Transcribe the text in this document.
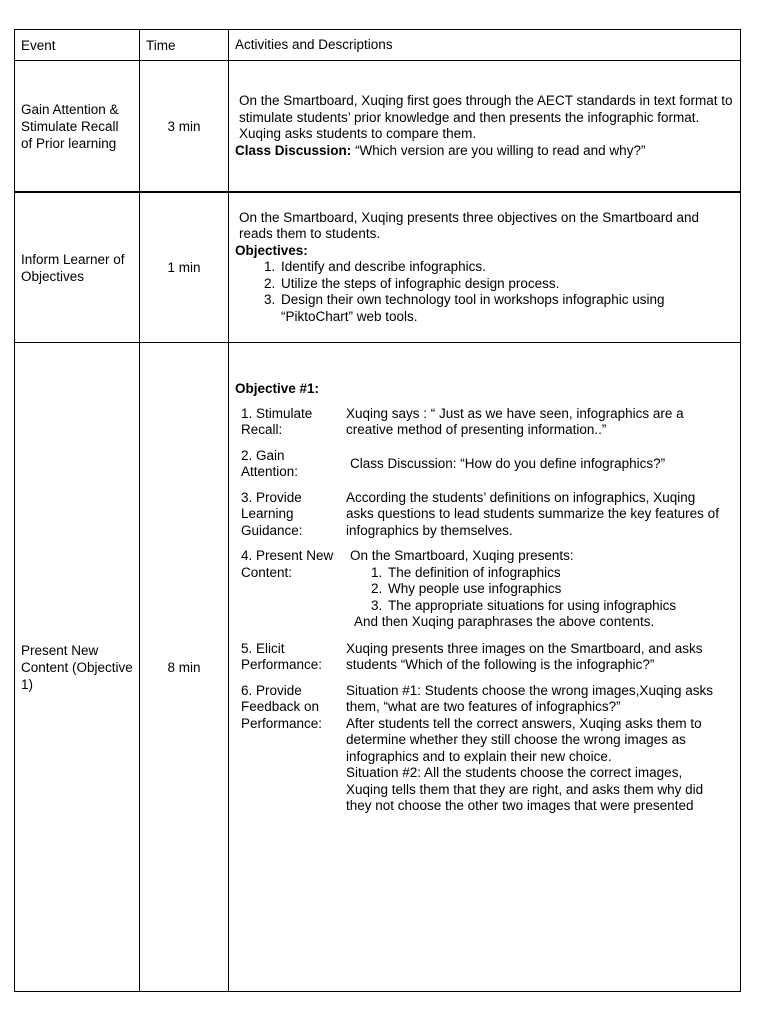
Event	Time	Activities and Descriptions
Gain Attention & Stimulate Recall of Prior learning
3 min
On the Smartboard, Xuqing first goes through the AECT standards in text format to stimulate students’ prior knowledge and then presents the infographic format. Xuqing asks students to compare them.
Class Discussion: “Which version are you willing to read and why?”
Inform Learner of Objectives
1 min
On the Smartboard, Xuqing presents three objectives on the Smartboard and reads them to students.
Objectives:
1. Identify and describe infographics.
2. Utilize the steps of infographic design process.
3. Design their own technology tool in workshops infographic using “PiktoChart” web tools.
Present New Content (Objective 1)
8 min
Objective #1:
1. Stimulate Recall:
Xuqing says : “ Just as we have seen, infographics are a creative method of presenting information..”
2. Gain Attention:
Class Discussion: “How do you define infographics?”
3. Provide Learning Guidance:
According the students’ definitions on infographics, Xuqing asks questions to lead students summarize the key features of infographics by themselves.
4. Present New Content:
On the Smartboard, Xuqing presents:
1. The definition of infographics
2. Why people use infographics
3. The appropriate situations for using infographics
And then Xuqing paraphrases the above contents.
5. Elicit Performance:
Xuqing presents three images on the Smartboard, and asks students “Which of the following is the infographic?”
6. Provide Feedback on Performance:
Situation #1: Students choose the wrong images,Xuqing asks them, “what are two features of infographics?”
After students tell the correct answers, Xuqing asks them to determine whether they still choose the wrong images as infographics and to explain their new choice.
Situation #2: All the students choose the correct images, Xuqing tells them that they are right, and asks them why did they not choose the other two images that were presented
